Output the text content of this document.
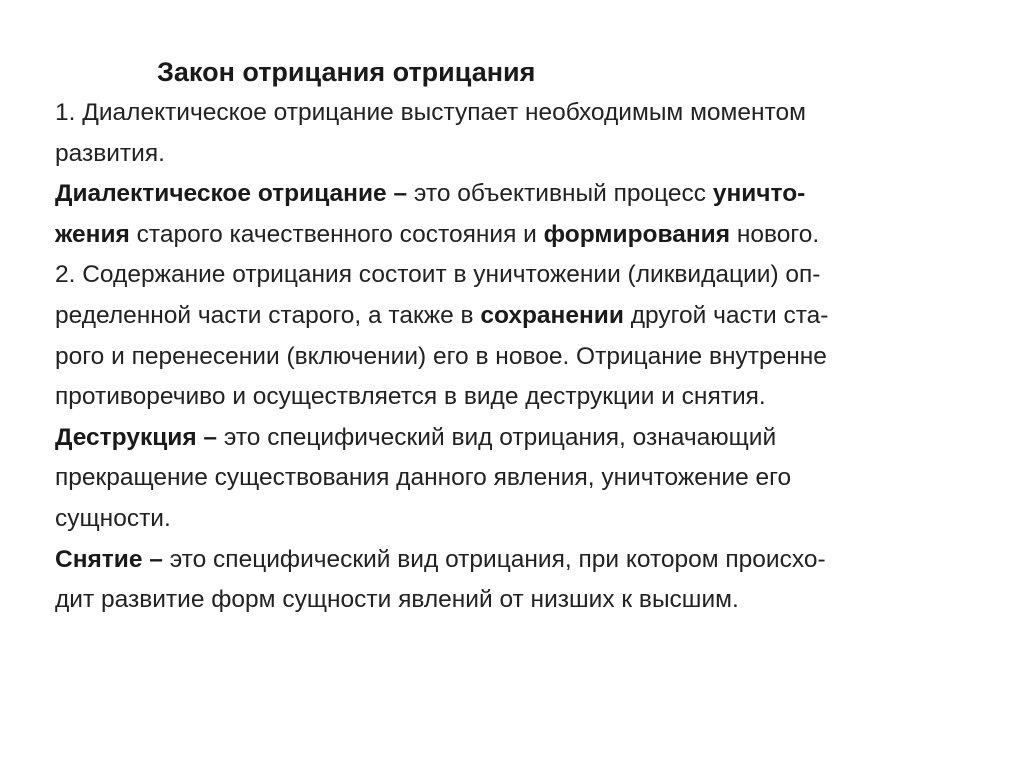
Закон отрицания отрицания

1. Диалектическое отрицание выступает необходимым моментом

развития.

Диалектическое отрицание – это объективный процесс уничто-

жения старого качественного состояния и формирования нового.

2. Содержание отрицания состоит в уничтожении (ликвидации) оп-

ределенной части старого, а также в сохранении другой части ста-

рого и перенесении (включении) его в новое. Отрицание внутренне

противоречиво и осуществляется в виде деструкции и снятия.

Деструкция – это специфический вид отрицания, означающий

прекращение существования данного явления, уничтожение его

сущности.

Снятие – это специфический вид отрицания, при котором происхо-

дит развитие форм сущности явлений от низших к высшим.
